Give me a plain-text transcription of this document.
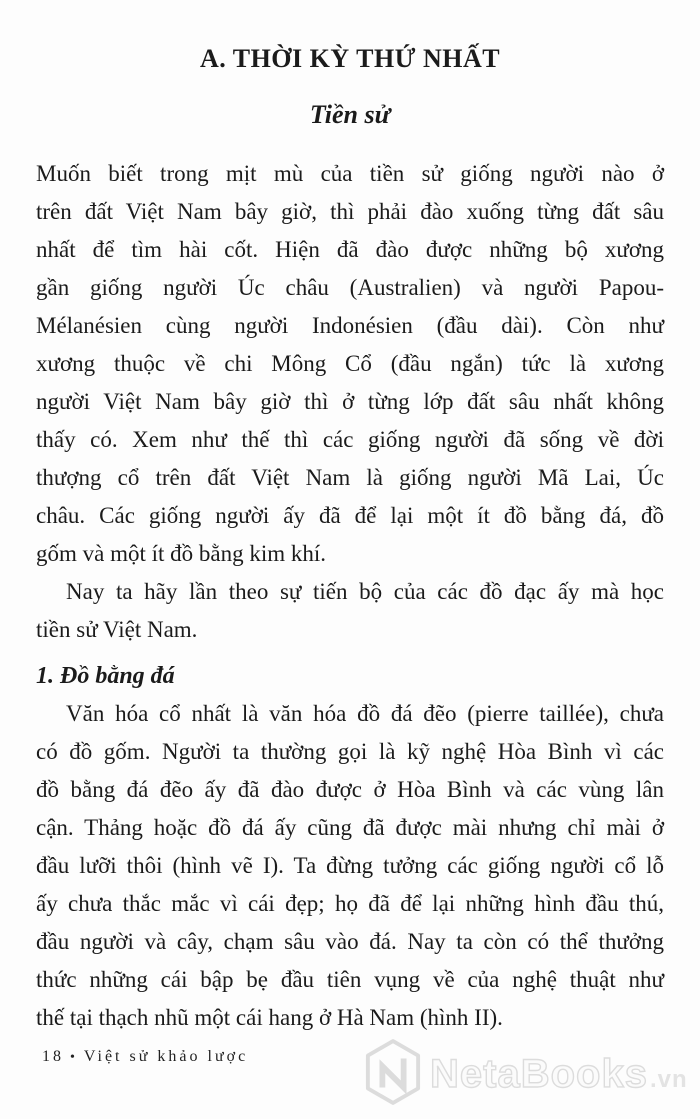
A. THỜI KỲ THỨ NHẤT
Tiền sử
Muốn biết trong mịt mù của tiền sử giống người nào ở
trên đất Việt Nam bây giờ, thì phải đào xuống từng đất sâu
nhất để tìm hài cốt. Hiện đã đào được những bộ xương
gần giống người Úc châu (Australien) và người Papou-
Mélanésien cùng người Indonésien (đầu dài). Còn như
xương thuộc về chi Mông Cổ (đầu ngắn) tức là xương
người Việt Nam bây giờ thì ở từng lớp đất sâu nhất không
thấy có. Xem như thế thì các giống người đã sống về đời
thượng cổ trên đất Việt Nam là giống người Mã Lai, Úc
châu. Các giống người ấy đã để lại một ít đồ bằng đá, đồ
gốm và một ít đồ bằng kim khí.
Nay ta hãy lần theo sự tiến bộ của các đồ đạc ấy mà học
tiền sử Việt Nam.
1. Đồ bằng đá
Văn hóa cổ nhất là văn hóa đồ đá đẽo (pierre taillée), chưa
có đồ gốm. Người ta thường gọi là kỹ nghệ Hòa Bình vì các
đồ bằng đá đẽo ấy đã đào được ở Hòa Bình và các vùng lân
cận. Thảng hoặc đồ đá ấy cũng đã được mài nhưng chỉ mài ở
đầu lưỡi thôi (hình vẽ I). Ta đừng tưởng các giống người cổ lỗ
ấy chưa thắc mắc vì cái đẹp; họ đã để lại những hình đầu thú,
đầu người và cây, chạm sâu vào đá. Nay ta còn có thể thưởng
thức những cái bập bẹ đầu tiên vụng về của nghệ thuật như
thế tại thạch nhũ một cái hang ở Hà Nam (hình II).
18 • Việt sử khảo lược	NetaBooks.vn
